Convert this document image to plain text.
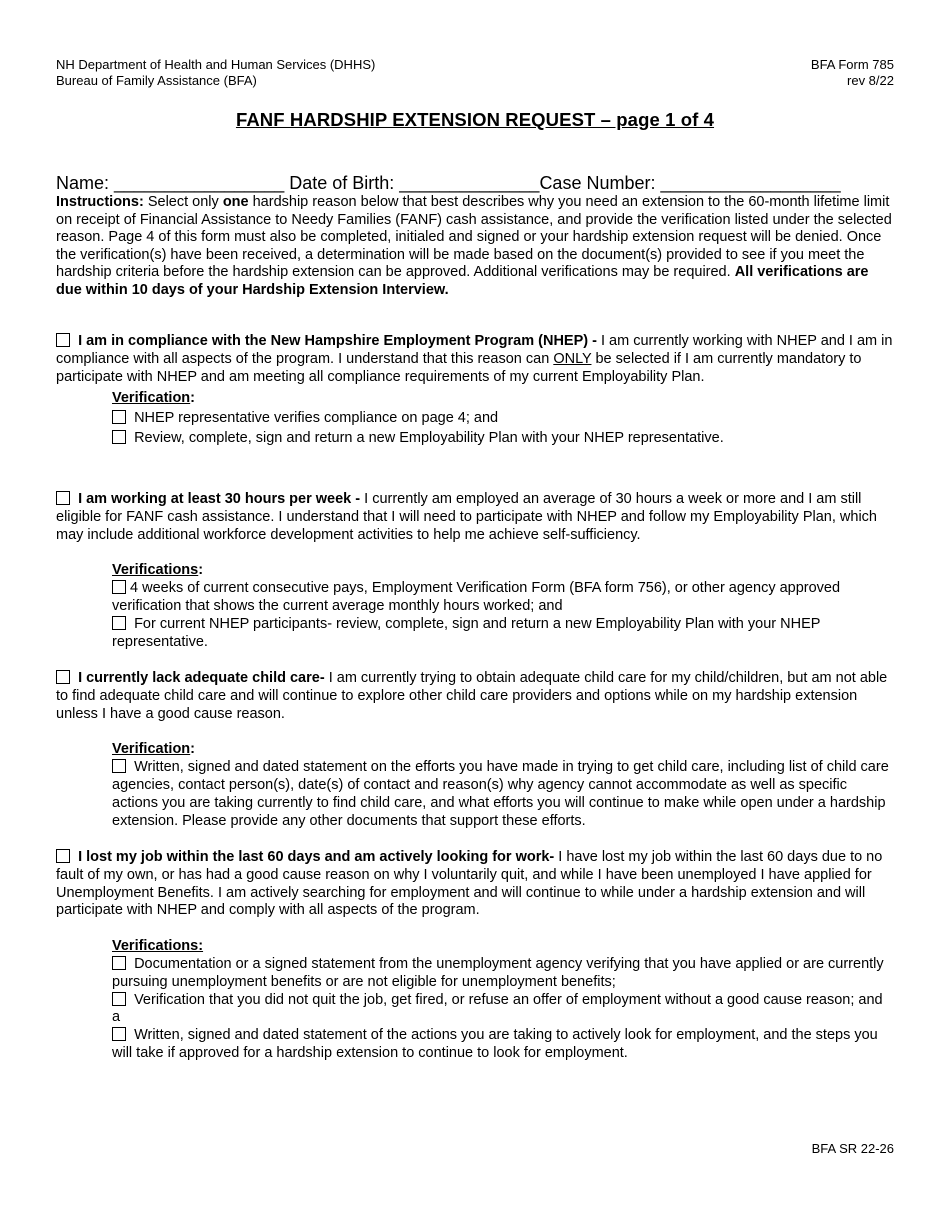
NH Department of Health and Human Services (DHHS)
Bureau of Family Assistance (BFA)
BFA Form 785
rev 8/22
FANF HARDSHIP EXTENSION REQUEST – page 1 of 4
Name: _________________ Date of Birth: ______________Case Number: __________________
Instructions: Select only one hardship reason below that best describes why you need an extension to the 60-month lifetime limit on receipt of Financial Assistance to Needy Families (FANF) cash assistance, and provide the verification listed under the selected reason. Page 4 of this form must also be completed, initialed and signed or your hardship extension request will be denied. Once the verification(s) have been received, a determination will be made based on the document(s) provided to see if you meet the hardship criteria before the hardship extension can be approved. Additional verifications may be required. All verifications are due within 10 days of your Hardship Extension Interview.

I am in compliance with the New Hampshire Employment Program (NHEP) - I am currently working with NHEP and I am in compliance with all aspects of the program. I understand that this reason can ONLY be selected if I am currently mandatory to participate with NHEP and am meeting all compliance requirements of my current Employability Plan.

Verification:

NHEP representative verifies compliance on page 4; and

Review, complete, sign and return a new Employability Plan with your NHEP representative.

I am working at least 30 hours per week - I currently am employed an average of 30 hours a week or more and I am still eligible for FANF cash assistance. I understand that I will need to participate with NHEP and follow my Employability Plan, which may include additional workforce development activities to help me achieve self-sufficiency.

Verifications:

4 weeks of current consecutive pays, Employment Verification Form (BFA form 756), or other agency approved verification that shows the current average monthly hours worked; and

For current NHEP participants- review, complete, sign and return a new Employability Plan with your NHEP representative.

I currently lack adequate child care- I am currently trying to obtain adequate child care for my child/children, but am not able to find adequate child care and will continue to explore other child care providers and options while on my hardship extension unless I have a good cause reason.

Verification:

Written, signed and dated statement on the efforts you have made in trying to get child care, including list of child care agencies, contact person(s), date(s) of contact and reason(s) why agency cannot accommodate as well as specific actions you are taking currently to find child care, and what efforts you will continue to make while open under a hardship extension. Please provide any other documents that support these efforts.

I lost my job within the last 60 days and am actively looking for work- I have lost my job within the last 60 days due to no fault of my own, or has had a good cause reason on why I voluntarily quit, and while I have been unemployed I have applied for Unemployment Benefits. I am actively searching for employment and will continue to while under a hardship extension and will participate with NHEP and comply with all aspects of the program.

Verifications:

Documentation or a signed statement from the unemployment agency verifying that you have applied or are currently pursuing unemployment benefits or are not eligible for unemployment benefits;

Verification that you did not quit the job, get fired, or refuse an offer of employment without a good cause reason; and a

Written, signed and dated statement of the actions you are taking to actively look for employment, and the steps you will take if approved for a hardship extension to continue to look for employment.

BFA SR 22-26
